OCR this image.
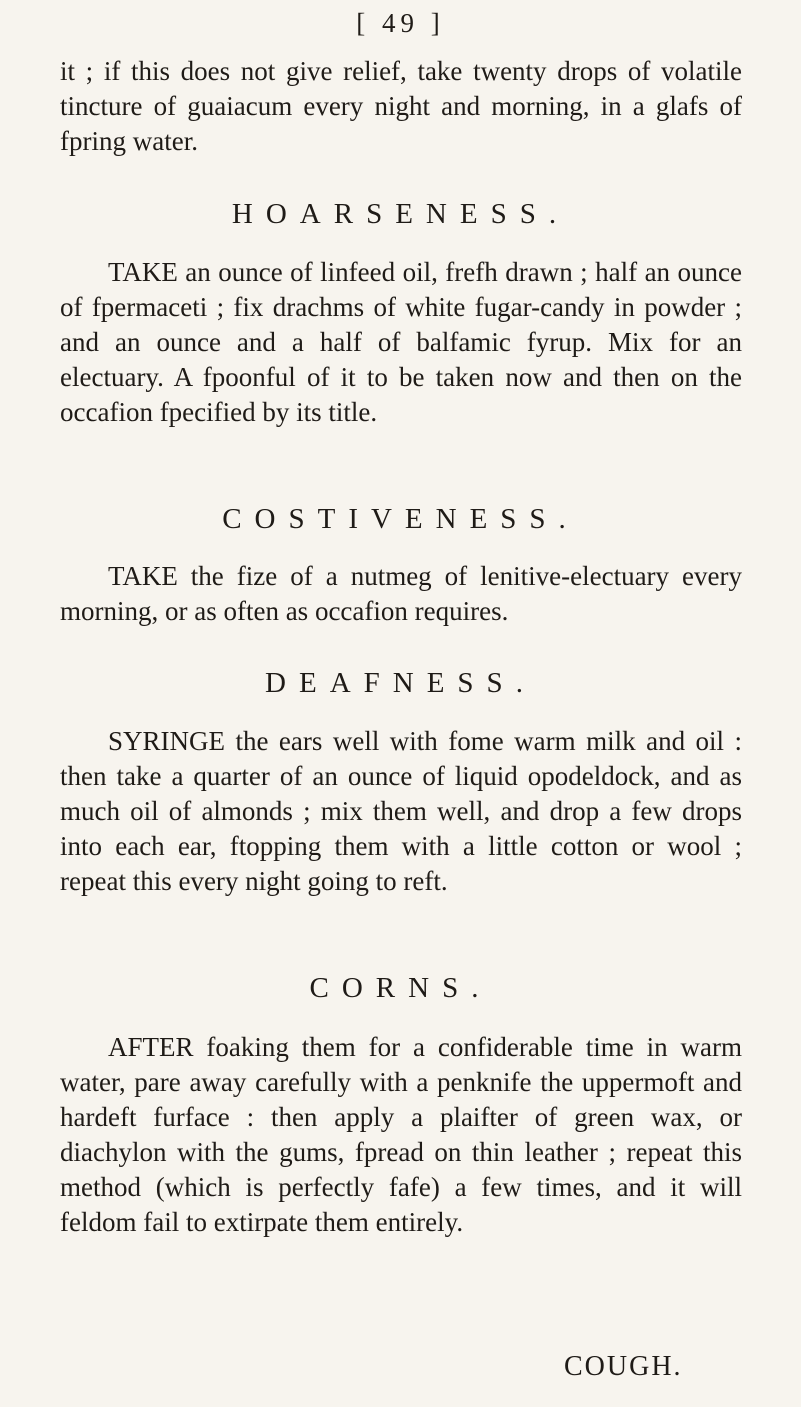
[ 49 ]

it ; if this does not give relief, take twenty drops of volatile tincture of guaiacum every night and morning, in a glafs of fpring water.

HOARSENESS.

TAKE an ounce of linfeed oil, frefh drawn ; half an ounce of fpermaceti ; fix drachms of white fugar-candy in powder ; and an ounce and a half of balfamic fyrup. Mix for an electuary. A fpoonful of it to be taken now and then on the occafion fpecified by its title.

COSTIVENESS.

TAKE the fize of a nutmeg of lenitive-electuary every morning, or as often as occafion requires.

DEAFNESS.

SYRINGE the ears well with fome warm milk and oil : then take a quarter of an ounce of liquid opodeldock, and as much oil of almonds ; mix them well, and drop a few drops into each ear, ftopping them with a little cotton or wool ; repeat this every night going to reft.

CORNS.

AFTER foaking them for a confiderable time in warm water, pare away carefully with a penknife the uppermoft and hardeft furface : then apply a plaifter of green wax, or diachylon with the gums, fpread on thin leather ; repeat this method (which is perfectly fafe) a few times, and it will feldom fail to extirpate them entirely.

COUGH.
